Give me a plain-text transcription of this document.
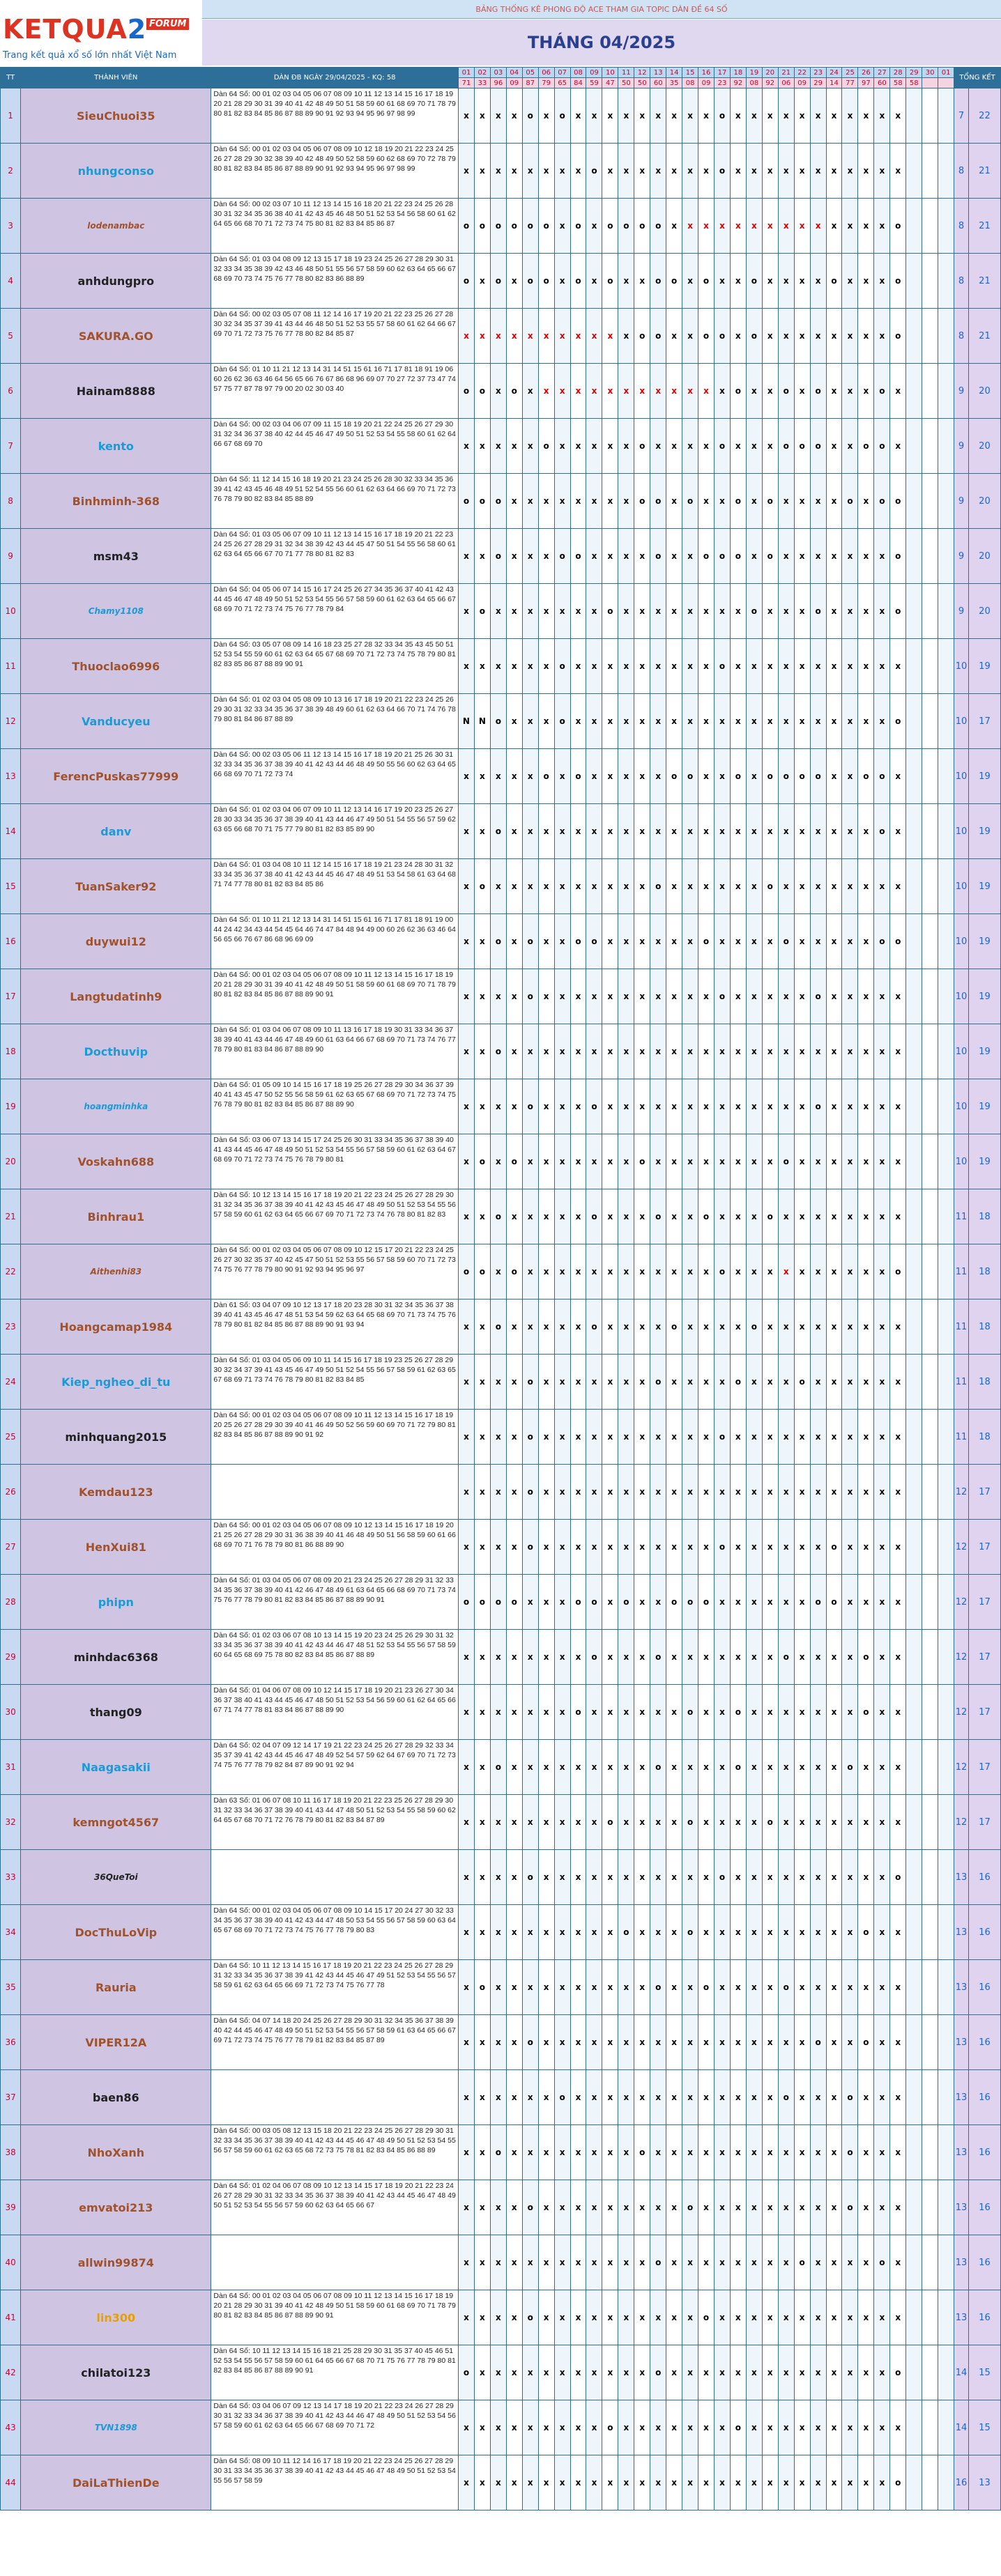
KETQUA2 FORUM
Trang kết quả xổ số lớn nhất Việt Nam
BẢNG THỐNG KÊ PHONG ĐỘ ACE THAM GIA TOPIC DÀN ĐỀ 64 SỐ
THÁNG 04/2025
TT	THÀNH VIÊN	DÀN ĐB NGÀY 29/04/2025 - KQ: 58	01	02	03	04	05	06	07	08	09	10	11	12	13	14	15	16	17	18	19	20	21	22	23	24	25	26	27	28	29	30	01	TỔNG KẾT	
			71	33	96	09	87	79	65	84	59	47	50	50	60	35	08	09	23	92	08	92	06	09	29	14	77	97	60	58	58				
1	SieuChuoi35	Dàn 64 Số: 00 01 02 03 04 05 06 07 08 09 10 11 12 13 14 15 16 17 18 19 20 21 28 29 30 31 39 40 41 42 48 49 50 51 58 59 60 61 68 69 70 71 78 79 80 81 82 83 84 85 86 87 88 89 90 91 92 93 94 95 96 97 98 99	x	x	x	x	o	x	o	x	x	x	x	x	x	x	x	x	o	x	x	x	x	x	x	x	x	x	x	x				7	22
2	nhungconso	Dàn 64 Số: 00 01 02 03 04 05 06 07 08 09 10 12 18 19 20 21 22 23 24 25 26 27 28 29 30 32 38 39 40 42 48 49 50 52 58 59 60 62 68 69 70 72 78 79 80 81 82 83 84 85 86 87 88 89 90 91 92 93 94 95 96 97 98 99	x	x	x	x	x	x	x	x	o	x	x	x	x	x	x	x	o	x	x	x	x	x	x	x	x	x	x	x				8	21
3	lodenambac	Dàn 64 Số: 00 02 03 07 10 11 12 13 14 15 16 18 20 21 22 23 24 25 26 28 30 31 32 34 35 36 38 40 41 42 43 45 46 48 50 51 52 53 54 56 58 60 61 62 64 65 66 68 70 71 72 73 74 75 80 81 82 83 84 85 86 87	o	o	o	o	o	o	x	o	x	o	o	o	o	x	x	x	x	x	x	x	x	x	x	x	x	x	x	o				8	21
4	anhdungpro	Dàn 64 Số: 01 03 04 08 09 12 13 15 17 18 19 23 24 25 26 27 28 29 30 31 32 33 34 35 38 39 42 43 46 48 50 51 55 56 57 58 59 60 62 63 64 65 66 67 68 69 70 73 74 75 76 77 78 80 82 83 86 88 89	o	x	o	x	o	o	x	o	x	o	x	x	o	o	x	o	x	x	o	x	x	x	x	o	x	x	x	o				8	21
5	SAKURA.GO	Dàn 64 Số: 00 02 03 05 07 08 11 12 14 16 17 19 20 21 22 23 25 26 27 28 30 32 34 35 37 39 41 43 44 46 48 50 51 52 53 55 57 58 60 61 62 64 66 67 69 70 71 72 73 75 76 77 78 80 82 84 85 87	x	x	x	x	x	x	x	x	x	x	x	o	o	x	x	o	o	x	o	x	x	x	x	x	x	x	x	o				8	21
6	Hainam8888	Dàn 64 Số: 01 10 11 21 12 13 14 31 14 51 15 61 16 71 17 81 18 91 19 06 60 26 62 36 63 46 64 56 65 66 76 67 86 68 96 69 07 70 27 72 37 73 47 74 57 75 77 87 78 97 79 00 20 02 30 03 40	o	o	x	o	x	x	x	x	x	x	x	x	x	x	x	x	x	o	x	x	o	x	o	x	x	x	o	x				9	20
7	kento	Dàn 64 Số: 00 02 03 04 06 07 09 11 15 18 19 20 21 22 24 25 26 27 29 30 31 32 34 36 37 38 40 42 44 45 46 47 49 50 51 52 53 54 55 58 60 61 62 64 66 67 68 69 70	x	x	x	x	x	o	x	x	x	x	x	o	x	x	x	x	o	x	x	x	o	o	o	x	x	o	o	x				9	20
8	Binhminh-368	Dàn 64 Số: 11 12 14 15 16 18 19 20 21 23 24 25 26 28 30 32 33 34 35 36 39 41 42 43 45 46 48 49 51 52 54 55 56 60 61 62 63 64 66 69 70 71 72 73 76 78 79 80 82 83 84 85 88 89	o	o	o	x	x	x	x	x	x	x	x	o	o	x	o	x	x	o	x	o	x	x	x	x	o	x	o	o				9	20
9	msm43	Dàn 64 Số: 01 03 05 06 07 09 10 11 12 13 14 15 16 17 18 19 20 21 22 23 24 25 26 27 28 29 31 32 34 38 39 42 43 44 45 47 50 51 54 55 56 58 60 61 62 63 64 65 66 67 70 71 77 78 80 81 82 83	x	x	o	x	x	x	o	o	x	x	x	x	o	x	x	o	o	o	x	o	x	x	x	x	x	x	x	o				9	20
10	Chamy1108	Dàn 64 Số: 04 05 06 07 14 15 16 17 24 25 26 27 34 35 36 37 40 41 42 43 44 45 46 47 48 49 50 51 52 53 54 55 56 57 58 59 60 61 62 63 64 65 66 67 68 69 70 71 72 73 74 75 76 77 78 79 84	x	o	x	x	x	x	x	x	x	o	x	x	x	x	x	x	x	x	o	x	x	x	o	x	x	x	x	o				9	20
11	Thuoclao6996	Dàn 64 Số: 03 05 07 08 09 14 16 18 23 25 27 28 32 33 34 35 43 45 50 51 52 53 54 55 59 60 61 62 63 64 65 67 68 69 70 71 72 73 74 75 78 79 80 81 82 83 85 86 87 88 89 90 91	x	x	x	x	x	x	o	x	x	x	x	x	x	x	x	x	o	x	x	x	x	x	x	x	x	x	x	x				10	19
12	Vanducyeu	Dàn 64 Số: 01 02 03 04 05 08 09 10 13 16 17 18 19 20 21 22 23 24 25 26 29 30 31 32 33 34 35 36 37 38 39 48 49 60 61 62 63 64 66 70 71 74 76 78 79 80 81 84 86 87 88 89	N	N	o	x	x	x	o	x	x	x	x	x	x	x	x	x	x	x	x	x	x	x	x	x	x	x	x	o				10	17
13	FerencPuskas77999	Dàn 64 Số: 00 02 03 05 06 11 12 13 14 15 16 17 18 19 20 21 25 26 30 31 32 33 34 35 36 37 38 39 40 41 42 43 44 46 48 49 50 55 56 60 62 63 64 65 66 68 69 70 71 72 73 74	x	x	x	x	x	o	x	o	x	x	x	x	x	o	o	x	x	o	x	o	o	o	o	x	x	o	o	x				10	19
14	danv	Dàn 64 Số: 01 02 03 04 06 07 09 10 11 12 13 14 16 17 19 20 23 25 26 27 28 30 33 34 35 36 37 38 39 40 41 43 44 46 47 49 50 51 54 55 56 57 59 62 63 65 66 68 70 71 75 77 79 80 81 82 83 85 89 90	x	x	o	x	x	x	x	x	x	x	x	x	x	x	x	x	x	x	x	x	x	x	x	x	x	x	o	x				10	19
15	TuanSaker92	Dàn 64 Số: 01 03 04 08 10 11 12 14 15 16 17 18 19 21 23 24 28 30 31 32 33 34 35 36 37 38 40 41 42 43 44 45 46 47 48 49 51 53 54 58 61 63 64 68 71 74 77 78 80 81 82 83 84 85 86	x	o	x	x	x	x	x	x	x	x	x	x	o	x	x	x	x	x	x	o	x	x	x	x	x	x	x	x				10	19
16	duywui12	Dàn 64 Số: 01 10 11 21 12 13 14 31 14 51 15 61 16 71 17 81 18 91 19 00 44 24 42 34 43 44 54 45 64 46 74 47 84 48 94 49 00 60 26 62 36 63 46 64 56 65 66 76 67 86 68 96 69 09	x	x	o	x	o	x	x	o	o	x	x	x	x	x	x	o	x	x	x	x	o	x	x	x	x	x	o	o				10	19
17	Langtudatinh9	Dàn 64 Số: 00 01 02 03 04 05 06 07 08 09 10 11 12 13 14 15 16 17 18 19 20 21 28 29 30 31 39 40 41 42 48 49 50 51 58 59 60 61 68 69 70 71 78 79 80 81 82 83 84 85 86 87 88 89 90 91	x	x	x	x	o	x	x	x	x	x	x	x	x	x	x	x	o	x	x	x	x	x	o	x	x	x	x	x				10	19
18	Docthuvip	Dàn 64 Số: 01 03 04 06 07 08 09 10 11 13 16 17 18 19 30 31 33 34 36 37 38 39 40 41 43 44 46 47 48 49 60 61 63 64 66 67 68 69 70 71 73 74 76 77 78 79 80 81 83 84 86 87 88 89 90	x	x	o	x	x	x	x	x	x	x	x	x	x	x	x	x	x	x	x	x	x	x	x	x	x	x	x	x				10	19
19	hoangminhka	Dàn 64 Số: 01 05 09 10 14 15 16 17 18 19 25 26 27 28 29 30 34 36 37 39 40 41 43 45 47 50 52 55 56 58 59 61 62 63 65 67 68 69 70 71 72 73 74 75 76 78 79 80 81 82 83 84 85 86 87 88 89 90	x	x	x	x	o	x	x	x	o	x	x	x	x	x	x	x	x	x	x	x	x	x	o	x	x	x	x	x				10	19
20	Voskahn688	Dàn 64 Số: 03 06 07 13 14 15 17 24 25 26 30 31 33 34 35 36 37 38 39 40 41 43 44 45 46 47 48 49 50 51 52 53 54 55 56 57 58 59 60 61 62 63 64 67 68 69 70 71 72 73 74 75 76 78 79 80 81	x	o	x	o	x	x	x	x	x	x	x	o	x	x	x	x	x	x	x	x	o	x	x	x	x	x	x	x				10	19
21	Binhrau1	Dàn 64 Số: 10 12 13 14 15 16 17 18 19 20 21 22 23 24 25 26 27 28 29 30 31 32 34 35 36 37 38 39 40 41 42 43 45 46 47 48 49 50 51 52 53 54 55 56 57 58 59 60 61 62 63 64 65 66 67 69 70 71 72 73 74 76 78 80 81 82 83	x	x	o	x	x	x	x	x	o	x	x	x	o	x	x	o	x	x	x	o	x	x	x	x	x	x	x	x				11	18
22	Aithenhi83	Dàn 64 Số: 00 01 02 03 04 05 06 07 08 09 10 12 15 17 20 21 22 23 24 25 26 27 30 32 35 37 40 42 45 47 50 51 52 53 55 56 57 58 59 60 70 71 72 73 74 75 76 77 78 79 80 90 91 92 93 94 95 96 97	o	o	x	o	x	x	x	x	x	x	x	x	x	x	x	x	o	x	x	x	x	x	x	x	x	x	x	o				11	18
23	Hoangcamap1984	Dàn 61 Số: 03 04 07 09 10 12 13 17 18 20 23 28 30 31 32 34 35 36 37 38 39 40 41 43 45 46 47 48 51 53 54 59 62 63 64 65 68 69 70 71 73 74 75 76 78 79 80 81 82 84 85 86 87 88 89 90 91 93 94	x	x	o	x	x	x	x	x	o	x	x	x	x	o	x	x	x	x	o	x	x	x	x	x	x	x	x	x				11	18
24	Kiep_ngheo_di_tu	Dàn 64 Số: 01 03 04 05 06 09 10 11 14 15 16 17 18 19 23 25 26 27 28 29 30 32 34 37 39 41 43 45 46 47 49 50 51 52 54 55 56 57 58 59 61 62 63 65 67 68 69 71 73 74 76 78 79 80 81 82 83 84 85	x	x	x	x	o	x	x	x	x	x	x	x	o	x	x	x	x	o	x	x	x	o	x	x	x	x	x	x				11	18
25	minhquang2015	Dàn 64 Số: 00 01 02 03 04 05 06 07 08 09 10 11 12 13 14 15 16 17 18 19 20 25 26 27 28 29 30 39 40 41 46 49 50 52 56 59 60 69 70 71 72 79 80 81 82 83 84 85 86 87 88 89 90 91 92	x	x	x	x	o	x	x	x	x	x	x	x	x	x	x	x	o	x	x	x	x	x	x	x	x	x	x	x				11	18
26	Kemdau123		x	x	x	x	o	x	x	x	x	x	x	x	x	x	x	x	x	x	x	x	x	x	x	x	x	x	x	x				12	17
27	HenXui81	Dàn 64 Số: 00 01 02 03 04 05 06 07 08 09 10 12 13 14 15 16 17 18 19 20 21 25 26 27 28 29 30 31 36 38 39 40 41 46 48 49 50 51 56 58 59 60 61 66 68 69 70 71 76 78 79 80 81 86 88 89 90	x	x	x	x	o	x	x	x	x	x	x	x	x	x	x	x	o	x	x	x	x	x	x	o	x	x	x	x				12	17
28	phipn	Dàn 64 Số: 01 03 04 05 06 07 08 09 20 21 23 24 25 26 27 28 29 31 32 33 34 35 36 37 38 39 40 41 42 46 47 48 49 61 63 64 65 66 68 69 70 71 73 74 75 76 77 78 79 80 81 82 83 84 85 86 87 88 89 90 91	o	o	o	o	x	x	x	o	o	x	o	x	x	o	o	o	x	x	x	x	x	x	o	o	x	x	x	x				12	17
29	minhdac6368	Dàn 64 Số: 01 02 03 06 07 08 10 13 14 15 19 20 23 24 25 26 29 30 31 32 33 34 35 36 37 38 39 40 41 42 43 44 46 47 48 51 52 53 54 55 56 57 58 59 60 64 65 68 69 75 78 80 82 83 84 85 86 87 88 89	x	x	x	x	x	x	x	x	o	x	x	x	o	x	x	x	x	x	x	x	o	x	x	x	x	o	x	x				12	17
30	thang09	Dàn 64 Số: 01 04 06 07 08 09 10 12 14 15 17 18 19 20 21 23 26 27 30 34 36 37 38 40 41 43 44 45 46 47 48 50 51 52 53 54 56 59 60 61 62 64 65 66 67 71 74 77 78 81 83 84 86 87 88 89 90	x	x	x	x	x	x	x	o	x	x	x	x	x	x	o	x	x	o	x	x	x	x	x	x	x	o	x	x				12	17
31	Naagasakii	Dàn 64 Số: 02 04 07 09 12 14 17 19 21 22 23 24 25 26 27 28 29 32 33 34 35 37 39 41 42 43 44 45 46 47 48 49 52 54 57 59 62 64 67 69 70 71 72 73 74 75 76 77 78 79 82 84 87 89 90 91 92 94	x	x	o	x	x	x	x	x	x	x	x	x	o	x	x	x	x	o	x	x	x	x	x	x	o	x	x	x				12	17
32	kemngot4567	Dàn 63 Số: 01 06 07 08 10 11 16 17 18 19 20 21 22 23 25 26 27 28 29 30 31 32 33 34 36 37 38 39 40 41 43 44 47 48 50 51 52 53 54 55 58 59 60 62 64 65 67 68 70 71 72 76 78 79 80 81 82 83 84 87 89	x	x	x	x	x	x	x	x	x	o	x	x	x	x	o	x	x	x	x	o	x	x	x	x	x	x	x	x				12	17
33	36QueToi		x	x	x	x	o	x	x	x	x	x	x	x	x	x	x	x	o	x	x	x	x	x	x	x	x	x	x	o				13	16
34	DocThuLoVip	Dàn 64 Số: 00 01 02 03 04 05 06 07 08 09 10 14 15 17 20 24 27 30 32 33 34 35 36 37 38 39 40 41 42 43 44 47 48 50 53 54 55 56 57 58 59 60 63 64 65 67 68 69 70 71 72 73 74 75 76 77 78 79 80 83	x	x	x	x	x	x	x	x	x	x	o	x	x	x	o	x	x	x	x	x	x	x	x	x	x	o	x	x				13	16
35	Rauria	Dàn 64 Số: 10 11 12 13 14 15 16 17 18 19 20 21 22 23 24 25 26 27 28 29 31 32 33 34 35 36 37 38 39 41 42 43 44 45 46 47 49 51 52 53 54 55 56 57 58 59 61 62 63 64 65 66 69 71 72 73 74 75 76 77 78	x	o	x	x	x	x	x	x	x	x	x	x	o	x	x	o	x	x	x	x	o	x	x	x	x	x	x	x				13	16
36	VIPER12A	Dàn 64 Số: 04 07 14 18 20 24 25 26 27 28 29 30 31 32 34 35 36 37 38 39 40 42 44 45 46 47 48 49 50 51 52 53 54 55 56 57 58 59 61 63 64 65 66 67 69 71 72 73 74 75 76 77 78 79 81 82 83 84 85 87 89	x	x	x	x	o	x	x	x	x	x	x	x	x	x	x	x	x	x	x	x	x	x	o	x	x	o	x	x				13	16
37	baen86		x	x	x	x	x	x	o	x	x	x	x	x	x	x	x	x	x	x	x	x	o	x	x	x	o	x	x	x				13	16
38	NhoXanh	Dàn 64 Số: 00 03 05 08 12 13 15 18 20 21 22 23 24 25 26 27 28 29 30 31 32 33 34 35 36 37 38 39 40 41 42 43 44 45 46 47 48 49 50 51 52 53 54 55 56 57 58 59 60 61 62 63 65 68 72 73 75 78 81 82 83 84 85 86 88 89	x	x	o	x	x	x	x	x	x	x	x	o	x	x	x	x	x	x	x	x	x	x	x	x	o	x	x	x				13	16
39	emvatoi213	Dàn 64 Số: 01 02 04 06 07 08 09 10 12 13 14 15 17 18 19 20 21 22 23 24 26 27 28 29 30 31 32 33 34 35 36 37 38 39 40 41 42 43 44 45 46 47 48 49 50 51 52 53 54 55 56 57 59 60 62 63 64 65 66 67	x	x	x	x	o	x	x	x	x	x	x	x	x	x	o	x	x	x	x	x	x	x	x	x	o	x	x	x				13	16
40	allwin99874		x	x	x	x	x	x	x	x	x	x	x	x	o	x	x	x	x	x	x	x	x	o	x	x	x	x	o	x				13	16
41	lin300	Dàn 64 Số: 00 01 02 03 04 05 06 07 08 09 10 11 12 13 14 15 16 17 18 19 20 21 28 29 30 31 39 40 41 42 48 49 50 51 58 59 60 61 68 69 70 71 78 79 80 81 82 83 84 85 86 87 88 89 90 91	x	x	x	x	o	x	x	x	x	x	x	x	x	x	x	o	x	x	x	x	x	x	x	x	x	x	x	x				13	16
42	chilatoi123	Dàn 64 Số: 10 11 12 13 14 15 16 18 21 25 28 29 30 31 35 37 40 45 46 51 52 53 54 55 56 57 58 59 60 61 64 65 66 67 68 70 71 75 76 77 78 79 80 81 82 83 84 85 86 87 88 89 90 91	o	x	x	x	x	x	x	x	x	x	x	x	o	x	x	x	x	x	x	x	x	x	x	x	x	x	x	o				14	15
43	TVN1898	Dàn 64 Số: 03 04 06 07 09 12 13 14 17 18 19 20 21 22 23 24 26 27 28 29 30 31 32 33 34 36 37 38 39 40 41 42 43 44 46 47 48 49 50 51 52 53 54 56 57 58 59 60 61 62 63 64 65 66 67 68 69 70 71 72	x	x	x	x	x	x	x	x	x	o	x	x	x	x	x	x	x	o	x	x	x	x	x	x	x	x	x	x				14	15
44	DaiLaThienDe	Dàn 64 Số: 08 09 10 11 12 14 16 17 18 19 20 21 22 23 24 25 26 27 28 29 30 31 33 34 35 36 37 38 39 40 41 42 43 44 45 46 47 48 49 50 51 52 53 54 55 56 57 58 59	x	x	x	x	x	x	x	x	x	x	x	x	x	x	x	x	x	x	x	x	x	x	x	x	x	x	x	o				16	13
